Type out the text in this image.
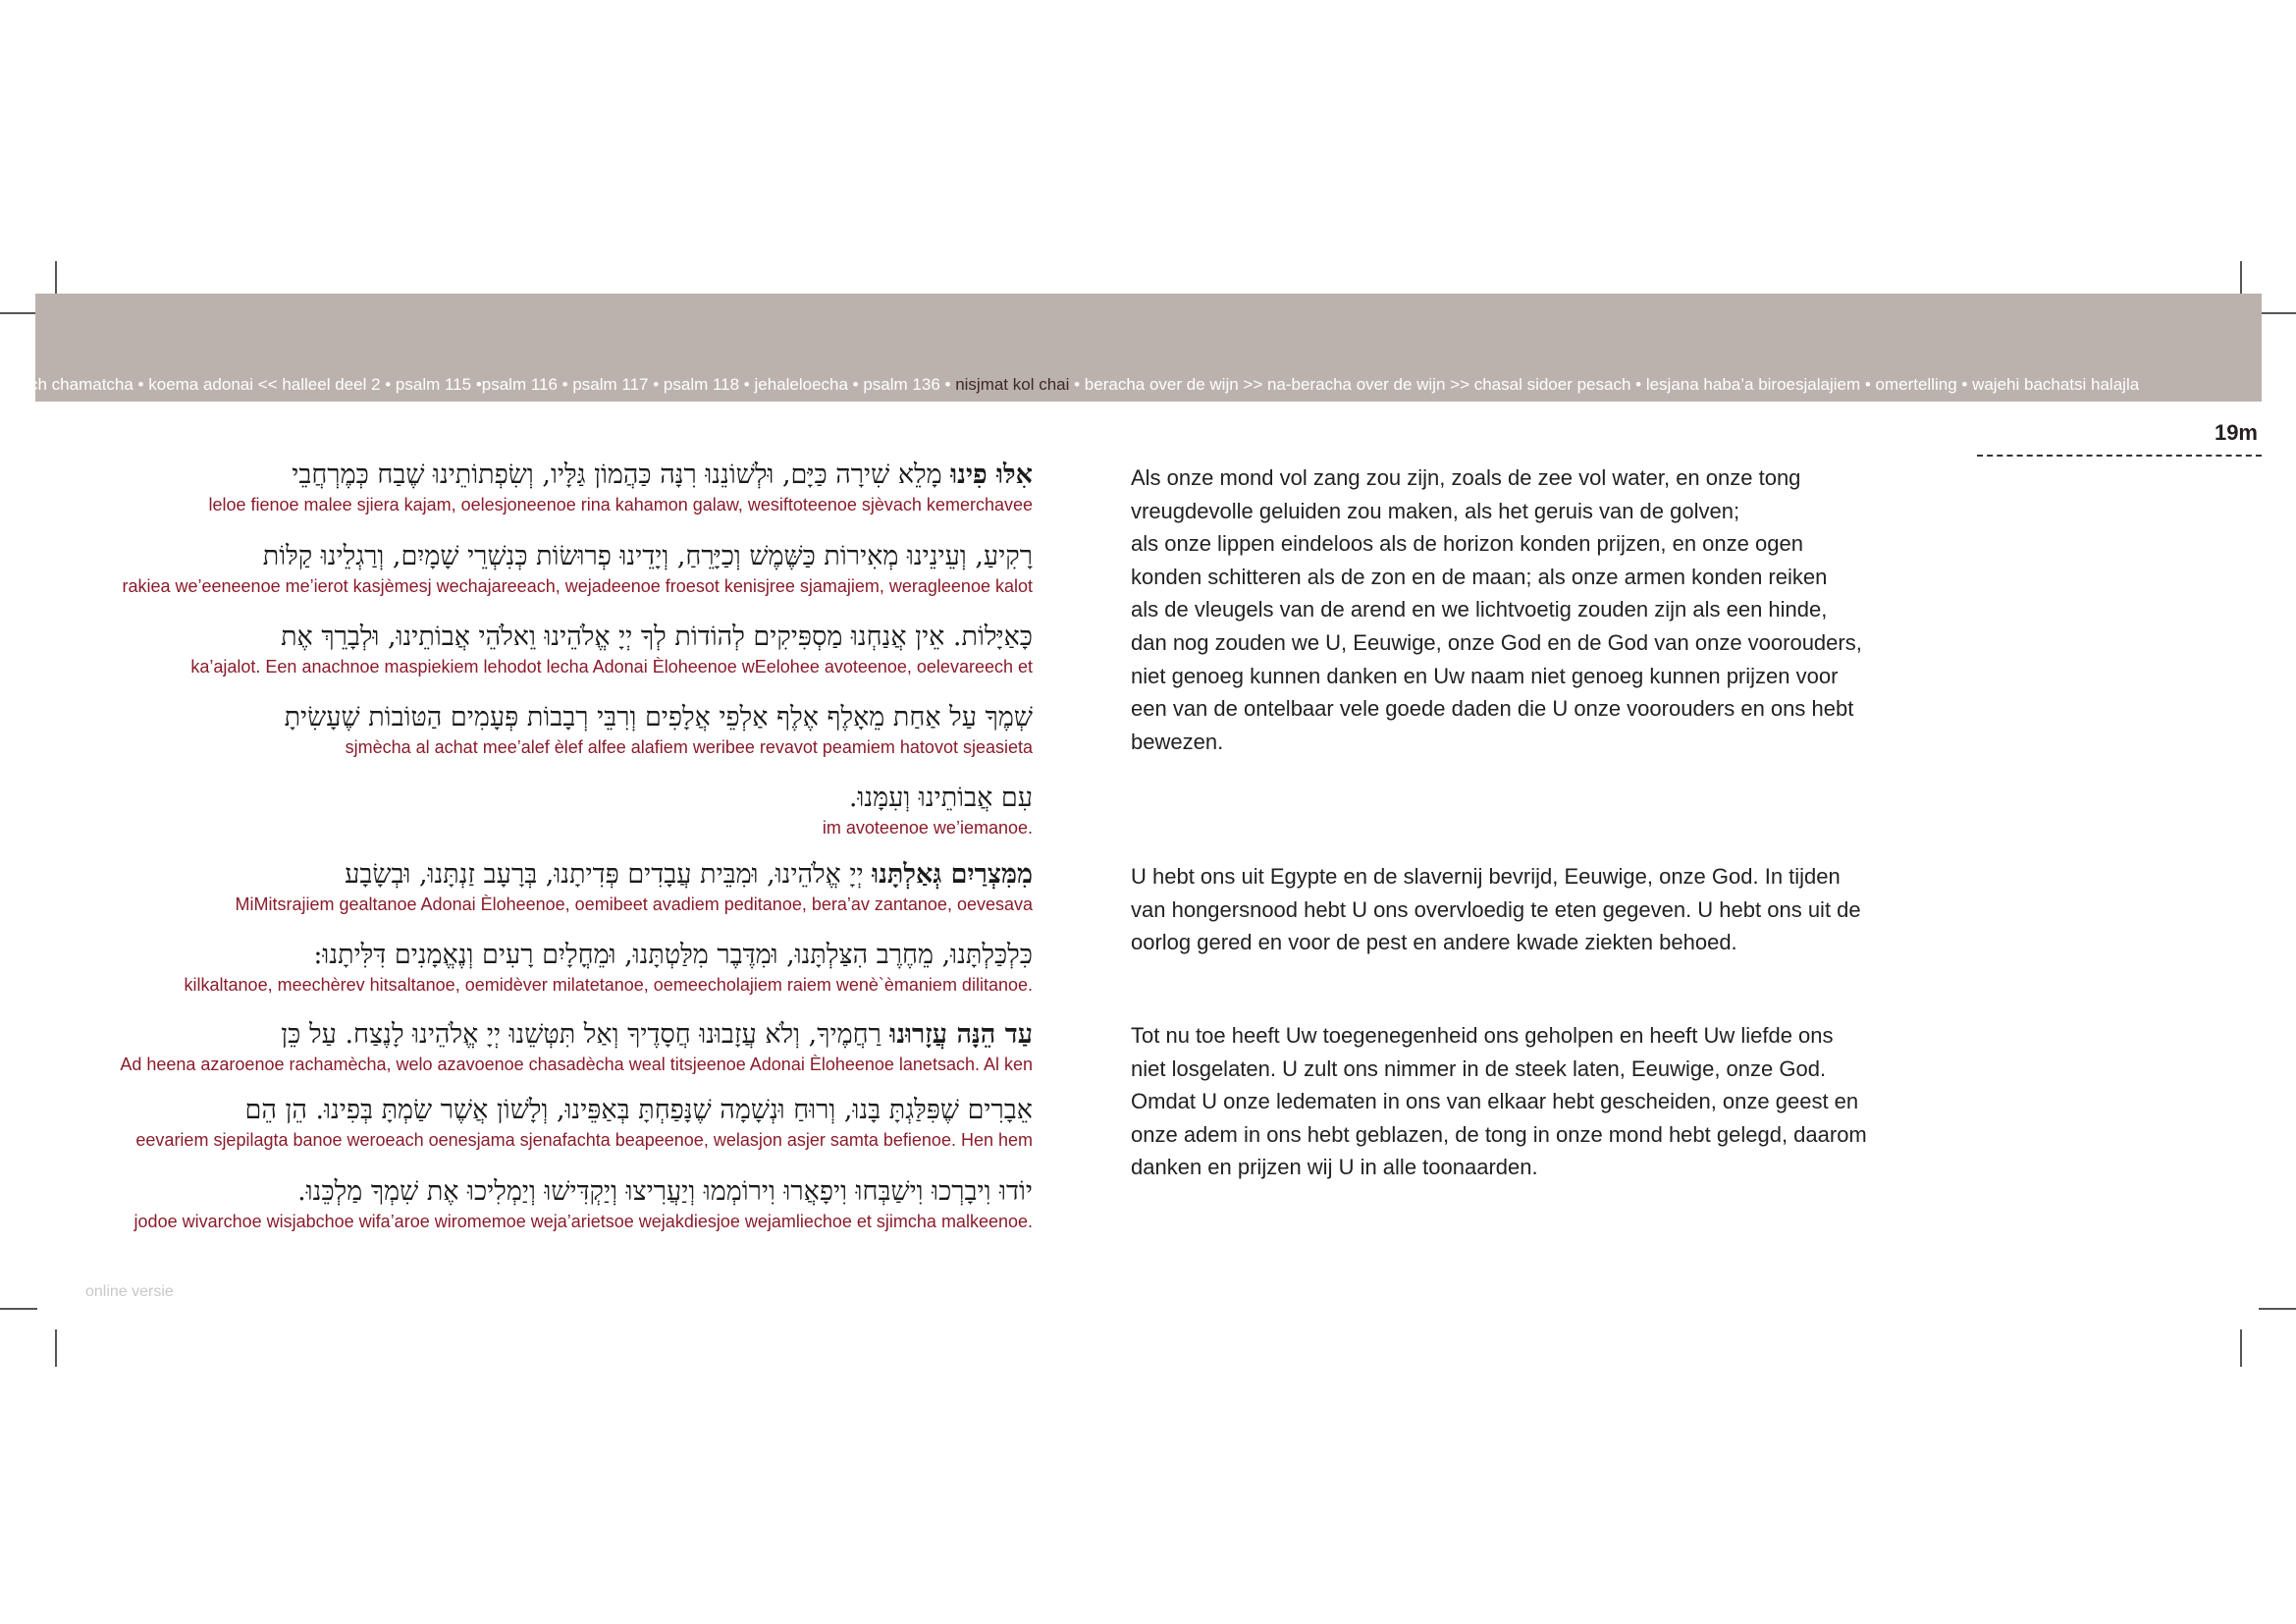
ch chamatcha • koema adonai << halleel deel 2 • psalm 115 •psalm 116 • psalm 117 • psalm 118 • jehaleloecha • psalm 136 • nisjmat kol chai • beracha over de wijn >> na-beracha over de wijn >> chasal sidoer pesach • lesjana haba’a biroesjalajiem • omertelling • wajehi bachatsi halajla
19m
אִלּוּ פִינוּ מָלֵא שִׁירָה כַּיָּם, וּלְשׁוֹנֵנוּ רִנָּה כַּהֲמוֹן גַּלָּיו, וְשִׂפְתוֹתֵינוּ שֶׁבַח כְּמֶרְחֲבֵי
leloe fienoe malee sjiera kajam, oelesjoneenoe rina kahamon galaw, wesiftoteenoe sjèvach kemerchavee
רָקִיעַ, וְעֵינֵינוּ מְאִירוֹת כַּשֶּׁמֶשׁ וְכַיָּרֵחַ, וְיָדֵינוּ פְרוּשׂוֹת כְּנִשְׁרֵי שָׁמָיִם, וְרַגְלֵינוּ קַלּוֹת
rakiea we’eeneenoe me’ierot kasjèmesj wechajareeach, wejadeenoe froesot kenisjree sjamajiem, weragleenoe kalot
כָּאַיָּלוֹת. אֵין אֲנַחְנוּ מַסְפִּיקִים לְהוֹדוֹת לְךָ יְיָ אֱלֹהֵינוּ וֵאלֹהֵי אֲבוֹתֵינוּ, וּלְבָרֵךְ אֶת
ka’ajalot. Een anachnoe maspiekiem lehodot lecha Adonai Èloheenoe wEelohee avoteenoe, oelevareech et
שְׁמֶךָ עַל אַחַת מֵאָלֶף אֶלֶף אַלְפֵי אֲלָפִים וְרִבֵּי רְבָבוֹת פְּעָמִים הַטּוֹבוֹת שֶׁעָשִׂיתָ
sjmècha al achat mee’alef èlef alfee alafiem weribee revavot peamiem hatovot sjeasieta
עִם אֲבוֹתֵינוּ וְעִמָּנוּ.
im avoteenoe we’iemanoe.
מִמִּצְרַיִם גְּאַלְתָּנוּ יְיָ אֱלֹהֵינוּ, וּמִבֵּית עֲבָדִים פְּדִיתָנוּ, בְּרָעָב זַנְתָּנוּ, וּבְשָׂבָע
MiMitsrajiem gealtanoe Adonai Èloheenoe, oemibeet avadiem peditanoe, bera’av zantanoe, oevesava
כִּלְכַּלְתָּנוּ, מֵחֶרֶב הִצַּלְתָּנוּ, וּמִדֶּבֶר מִלַּטְתָּנוּ, וּמֵחֳלָיִם רָעִים וְנֶאֱמָנִים דִּלִּיתָנוּ:
kilkaltanoe, meechèrev hitsaltanoe, oemidèver milatetanoe, oemeecholajiem raiem wenè`èmaniem dilitanoe.
עַד הֵנָּה עֲזָרוּנוּ רַחֲמֶיךָ, וְלֹא עֲזָבוּנוּ חֲסָדֶיךָ וְאַל תִּטְּשֵׁנוּ יְיָ אֱלֹהֵינוּ לָנֶצַח. עַל כֵּן
Ad heena azaroenoe rachamècha, welo azavoenoe chasadècha weal titsjeenoe Adonai Èloheenoe lanetsach. Al ken
אֵבָרִים שֶׁפִּלַּגְתָּ בָּנוּ, וְרוּחַ וּנְשָׁמָה שֶׁנָּפַחְתָּ בְּאַפֵּינוּ, וְלָשׁוֹן אֲשֶׁר שַׂמְתָּ בְּפִינוּ. הֵן הֵם
eevariem sjepilagta banoe weroeach oenesjama sjenafachta beapeenoe, welasjon asjer samta befienoe. Hen hem
יוֹדוּ וִיבָרְכוּ וִישַׁבְּחוּ וִיפָאֲרוּ וִירוֹמְמוּ וְיַעֲרִיצוּ וְיַקְדִּישׁוּ וְיַמְלִיכוּ אֶת שִׁמְךָ מַלְכֵּנוּ.
jodoe wivarchoe wisjabchoe wifa’aroe wiromemoe weja’arietsoe wejakdiesjoe wejamliechoe et sjimcha malkeenoe.
Als onze mond vol zang zou zijn, zoals de zee vol water, en onze tong
vreugdevolle geluiden zou maken, als het geruis van de golven;
als onze lippen eindeloos als de horizon konden prijzen, en onze ogen
konden schitteren als de zon en de maan; als onze armen konden reiken
als de vleugels van de arend en we lichtvoetig zouden zijn als een hinde,
dan nog zouden we U, Eeuwige, onze God en de God van onze voorouders,
niet genoeg kunnen danken en Uw naam niet genoeg kunnen prijzen voor
een van de ontelbaar vele goede daden die U onze voorouders en ons hebt
bewezen.
U hebt ons uit Egypte en de slavernij bevrijd, Eeuwige, onze God. In tijden
van hongersnood hebt U ons overvloedig te eten gegeven. U hebt ons uit de
oorlog gered en voor de pest en andere kwade ziekten behoed.
Tot nu toe heeft Uw toegenegenheid ons geholpen en heeft Uw liefde ons
niet losgelaten. U zult ons nimmer in de steek laten, Eeuwige, onze God.
Omdat U onze ledematen in ons van elkaar hebt gescheiden, onze geest en
onze adem in ons hebt geblazen, de tong in onze mond hebt gelegd, daarom
danken en prijzen wij U in alle toonaarden.
online versie
